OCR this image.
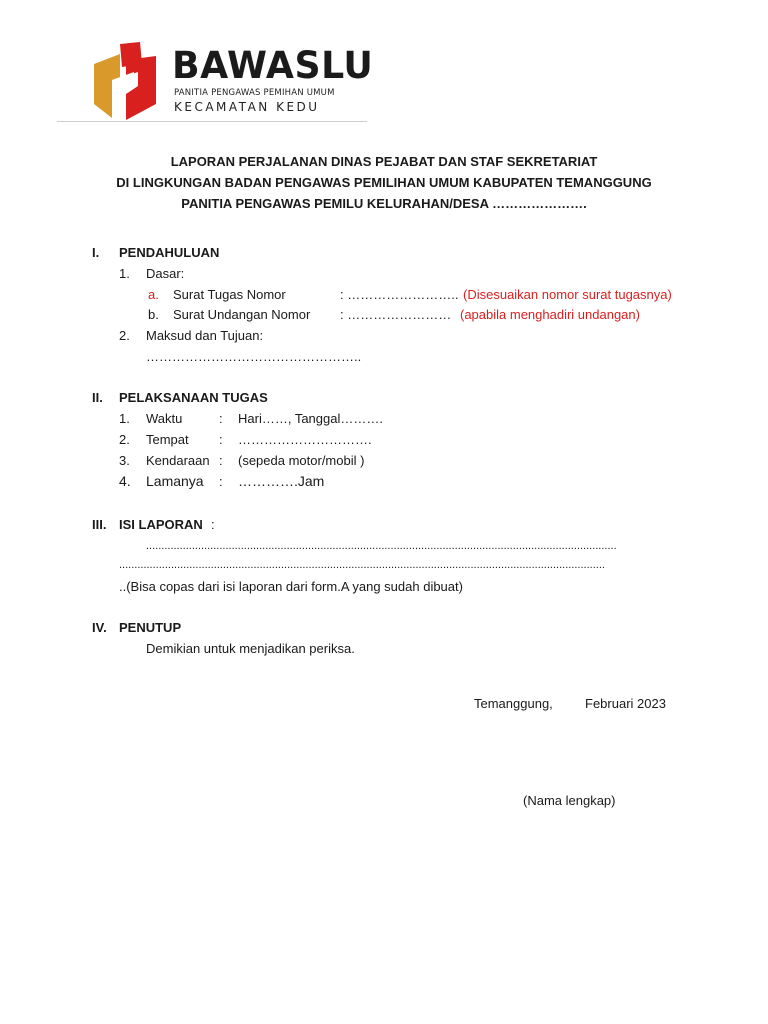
BAWASLU
PANITIA PENGAWAS PEMIHAN UMUM
KECAMATAN KEDU
LAPORAN PERJALANAN DINAS PEJABAT DAN STAF SEKRETARIAT
DI LINGKUNGAN BADAN PENGAWAS PEMILIHAN UMUM KABUPATEN TEMANGGUNG
PANITIA PENGAWAS PEMILU KELURAHAN/DESA ………………….
I. PENDAHULUAN
1. Dasar:
a. Surat Tugas Nomor	: …………………….. (Disesuaikan nomor surat tugasnya)
b. Surat Undangan Nomor : …………………… (apabila menghadiri undangan)
2. Maksud dan Tujuan:
…………………………………………..
II. PELAKSANAAN TUGAS
1. Waktu	: Hari……, Tanggal……….
2. Tempat : ………………………….
3. Kendaraan : (sepeda motor/mobil )
4. Lamanya : ………….Jam
III. ISI LAPORAN :
..........................................................................................................................................................
...............................................................................................................................................................
..(Bisa copas dari isi laporan dari form.A yang sudah dibuat)
IV. PENUTUP
Demikian untuk menjadikan periksa.
Temanggung, Februari 2023
(Nama lengkap)
